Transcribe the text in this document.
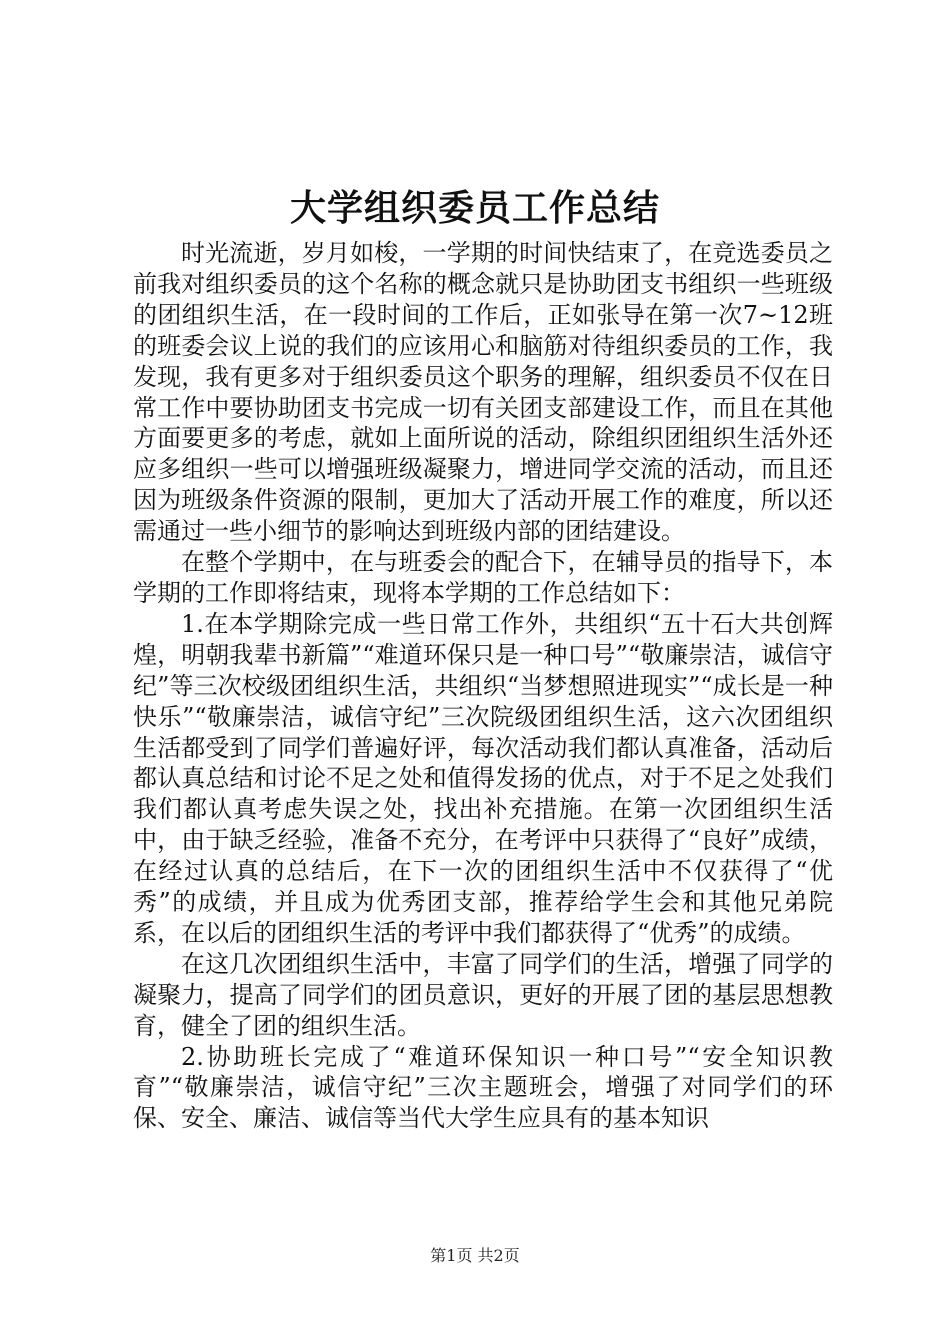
大学组织委员工作总结

时光流逝，岁月如梭，一学期的时间快结束了，在竞选委员之前我对组织委员的这个名称的概念就只是协助团支书组织一些班级的团组织生活，在一段时间的工作后，正如张导在第一次7~12班的班委会议上说的我们的应该用心和脑筋对待组织委员的工作，我发现，我有更多对于组织委员这个职务的理解，组织委员不仅在日常工作中要协助团支书完成一切有关团支部建设工作，而且在其他方面要更多的考虑，就如上面所说的活动，除组织团组织生活外还应多组织一些可以增强班级凝聚力，增进同学交流的活动，而且还因为班级条件资源的限制，更加大了活动开展工作的难度，所以还需通过一些小细节的影响达到班级内部的团结建设。

在整个学期中，在与班委会的配合下，在辅导员的指导下，本学期的工作即将结束，现将本学期的工作总结如下：

1.在本学期除完成一些日常工作外，共组织“五十石大共创辉煌，明朝我辈书新篇”“难道环保只是一种口号”“敬廉崇洁，诚信守纪”等三次校级团组织生活，共组织“当梦想照进现实”“成长是一种快乐”“敬廉崇洁，诚信守纪”三次院级团组织生活，这六次团组织生活都受到了同学们普遍好评，每次活动我们都认真准备，活动后都认真总结和讨论不足之处和值得发扬的优点，对于不足之处我们我们都认真考虑失误之处，找出补充措施。在第一次团组织生活中，由于缺乏经验，准备不充分，在考评中只获得了“良好”成绩，在经过认真的总结后，在下一次的团组织生活中不仅获得了“优秀”的成绩，并且成为优秀团支部，推荐给学生会和其他兄弟院系，在以后的团组织生活的考评中我们都获得了“优秀”的成绩。

在这几次团组织生活中，丰富了同学们的生活，增强了同学的凝聚力，提高了同学们的团员意识，更好的开展了团的基层思想教育，健全了团的组织生活。

2.协助班长完成了“难道环保知识一种口号”“安全知识教育”“敬廉崇洁，诚信守纪”三次主题班会，增强了对同学们的环保、安全、廉洁、诚信等当代大学生应具有的基本知识

第1页 共2页
